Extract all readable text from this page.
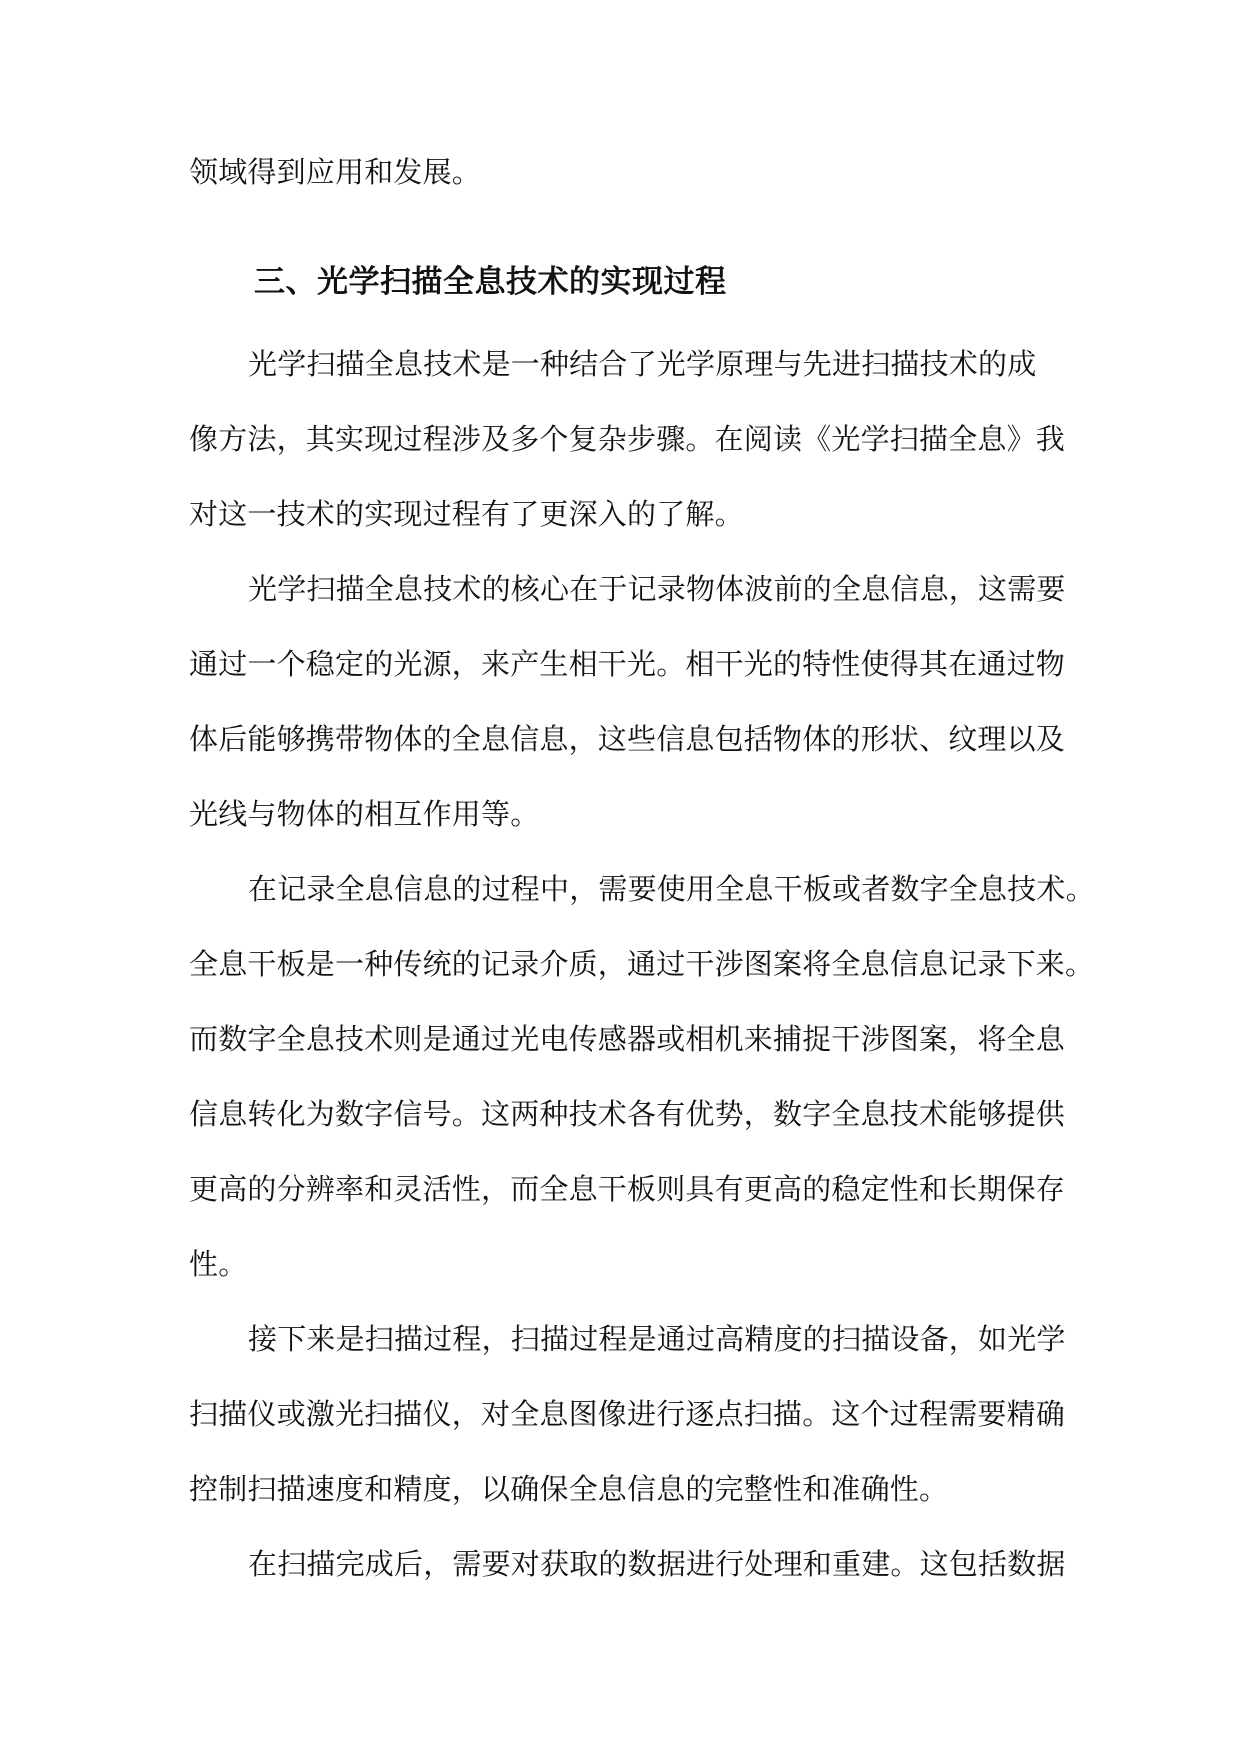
领域得到应用和发展。
三、光学扫描全息技术的实现过程
光学扫描全息技术是一种结合了光学原理与先进扫描技术的成
像方法，其实现过程涉及多个复杂步骤。在阅读《光学扫描全息》我
对这一技术的实现过程有了更深入的了解。
光学扫描全息技术的核心在于记录物体波前的全息信息，这需要
通过一个稳定的光源，来产生相干光。相干光的特性使得其在通过物
体后能够携带物体的全息信息，这些信息包括物体的形状、纹理以及
光线与物体的相互作用等。
在记录全息信息的过程中，需要使用全息干板或者数字全息技术。
全息干板是一种传统的记录介质，通过干涉图案将全息信息记录下来。
而数字全息技术则是通过光电传感器或相机来捕捉干涉图案，将全息
信息转化为数字信号。这两种技术各有优势，数字全息技术能够提供
更高的分辨率和灵活性，而全息干板则具有更高的稳定性和长期保存
性。
接下来是扫描过程，扫描过程是通过高精度的扫描设备，如光学
扫描仪或激光扫描仪，对全息图像进行逐点扫描。这个过程需要精确
控制扫描速度和精度，以确保全息信息的完整性和准确性。
在扫描完成后，需要对获取的数据进行处理和重建。这包括数据
